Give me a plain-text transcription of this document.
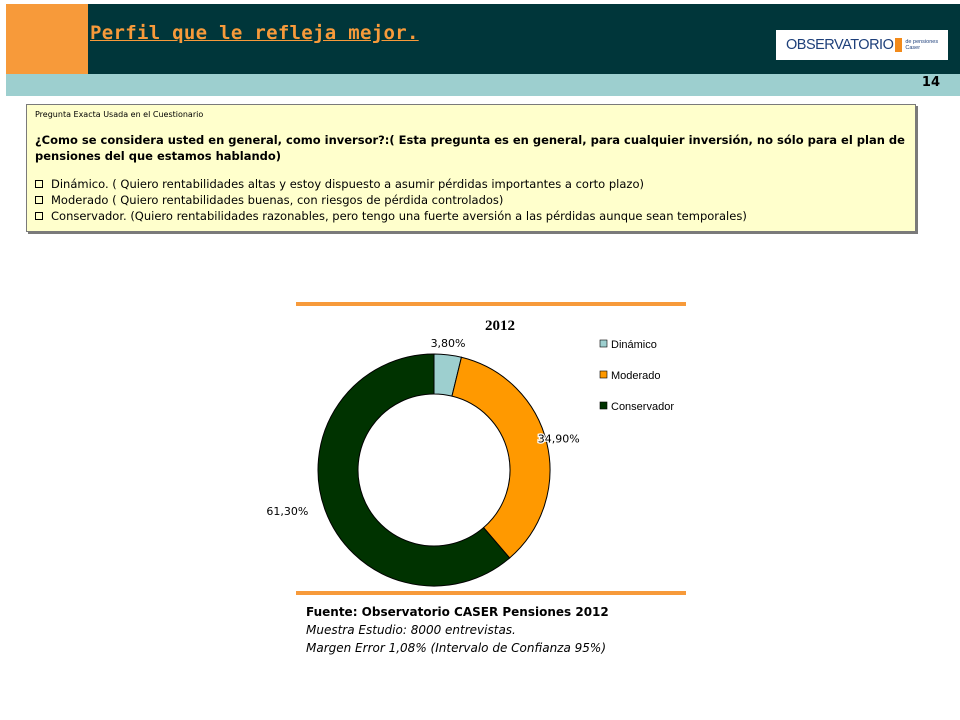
Perfil que le refleja mejor.
OBSERVATORIO de pensiones
Caser
14
Pregunta Exacta Usada en el Cuestionario
¿Como se considera usted en general, como inversor?:( Esta pregunta es en general, para cualquier inversión, no sólo para el plan de pensiones del que estamos hablando)
Dinámico. ( Quiero rentabilidades altas y estoy dispuesto a asumir pérdidas importantes a corto plazo)
Moderado ( Quiero rentabilidades buenas, con riesgos de pérdida controlados)
Conservador. (Quiero rentabilidades razonables, pero tengo una fuerte aversión a las pérdidas aunque sean temporales)
2012
3,80%
34,90%
61,30%
Dinámico
Moderado
Conservador
Fuente: Observatorio CASER Pensiones 2012
Muestra Estudio: 8000 entrevistas.
Margen Error 1,08% (Intervalo de Confianza 95%)
